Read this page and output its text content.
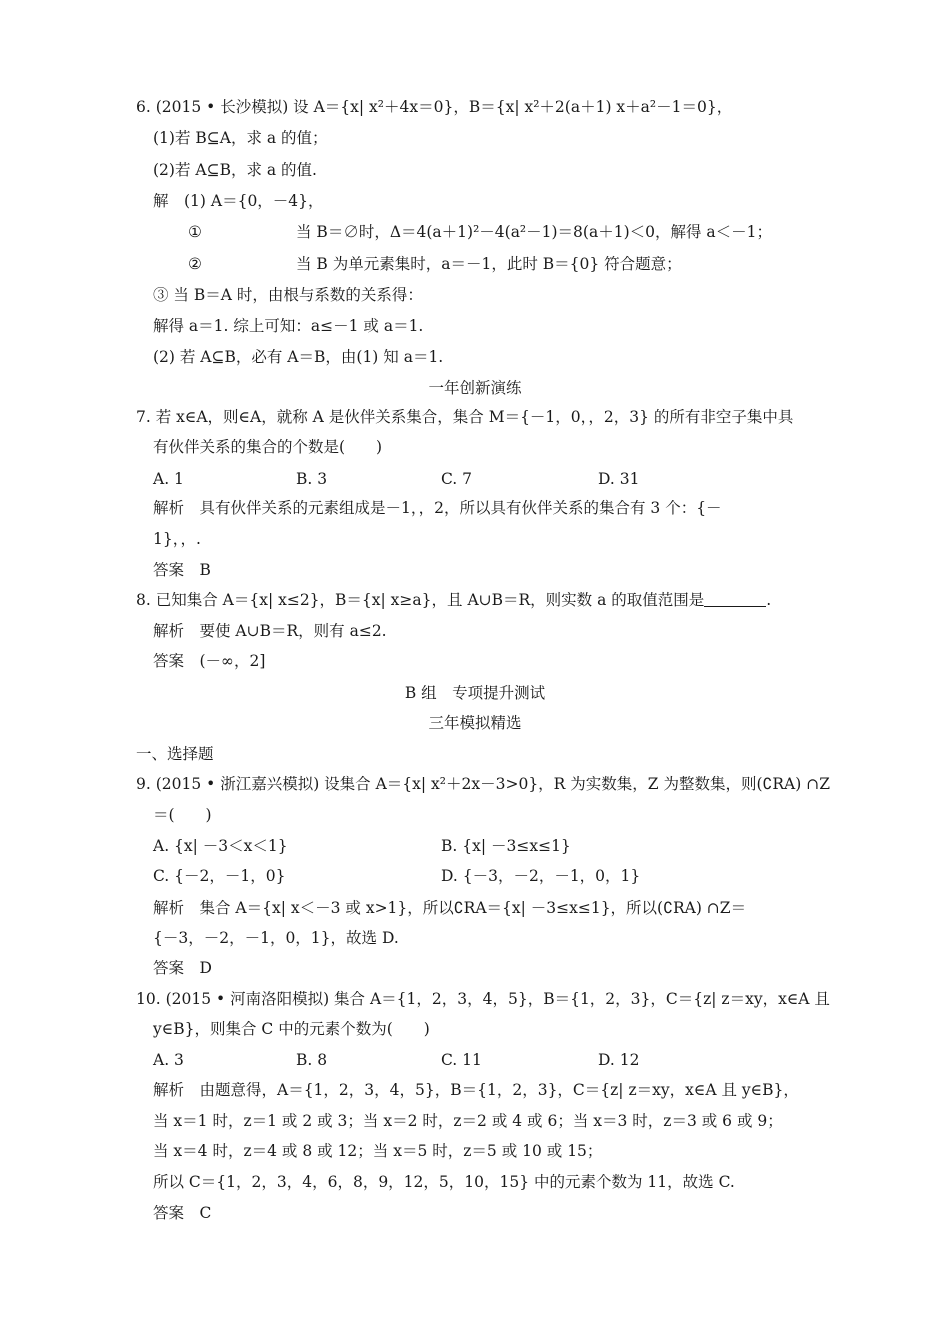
6. (2015 • 长沙模拟) 设 A＝{x| x²＋4x＝0}，B＝{x| x²＋2(a＋1) x＋a²－1＝0}，
(1)若 B⊆A，求 a 的值；
(2)若 A⊆B，求 a 的值.
解　(1) A＝{0，－4}，
①	当 B＝∅时，Δ＝4(a＋1)²－4(a²－1)＝8(a＋1)＜0，解得 a＜－1；
②	当 B 为单元素集时，a＝－1，此时 B＝{0} 符合题意；
③ 当 B＝A 时，由根与系数的关系得：
解得 a＝1. 综上可知：a≤－1 或 a＝1.
(2) 若 A⊆B，必有 A＝B，由(1) 知 a＝1.
一年创新演练
7. 若 x∈A，则∈A，就称 A 是伙伴关系集合，集合 M＝{－1，0，，2，3} 的所有非空子集中具
有伙伴关系的集合的个数是(　　)
A. 1	B. 3	C. 7	D. 31
解析　具有伙伴关系的元素组成是－1，，2，所以具有伙伴关系的集合有 3 个：{－
1}，，.
答案　B
8. 已知集合 A＝{x| x≤2}，B＝{x| x≥a}，且 A∪B＝R，则实数 a 的取值范围是	.
解析　要使 A∪B＝R，则有 a≤2.
答案　(－∞，2]
B 组　专项提升测试
三年模拟精选
一、选择题
9. (2015 • 浙江嘉兴模拟) 设集合 A＝{x| x²＋2x－3>0}，R 为实数集，Z 为整数集，则(∁RA) ∩Z
＝(　　)
A. {x| －3＜x＜1}	B. {x| －3≤x≤1}
C. {－2，－1，0}	D. {－3，－2，－1，0，1}
解析　集合 A＝{x| x＜－3 或 x>1}，所以∁RA＝{x| －3≤x≤1}，所以(∁RA) ∩Z＝
{－3，－2，－1，0，1}，故选 D.
答案　D
10. (2015 • 河南洛阳模拟) 集合 A＝{1，2，3，4，5}，B＝{1，2，3}，C＝{z| z＝xy，x∈A 且
y∈B}，则集合 C 中的元素个数为(　　)
A. 3	B. 8	C. 11	D. 12
解析　由题意得，A＝{1，2，3，4，5}，B＝{1，2，3}，C＝{z| z＝xy，x∈A 且 y∈B}，
当 x＝1 时，z＝1 或 2 或 3；当 x＝2 时，z＝2 或 4 或 6；当 x＝3 时，z＝3 或 6 或 9；
当 x＝4 时，z＝4 或 8 或 12；当 x＝5 时，z＝5 或 10 或 15；
所以 C＝{1，2，3，4，6，8，9，12，5，10，15} 中的元素个数为 11，故选 C.
答案　C
